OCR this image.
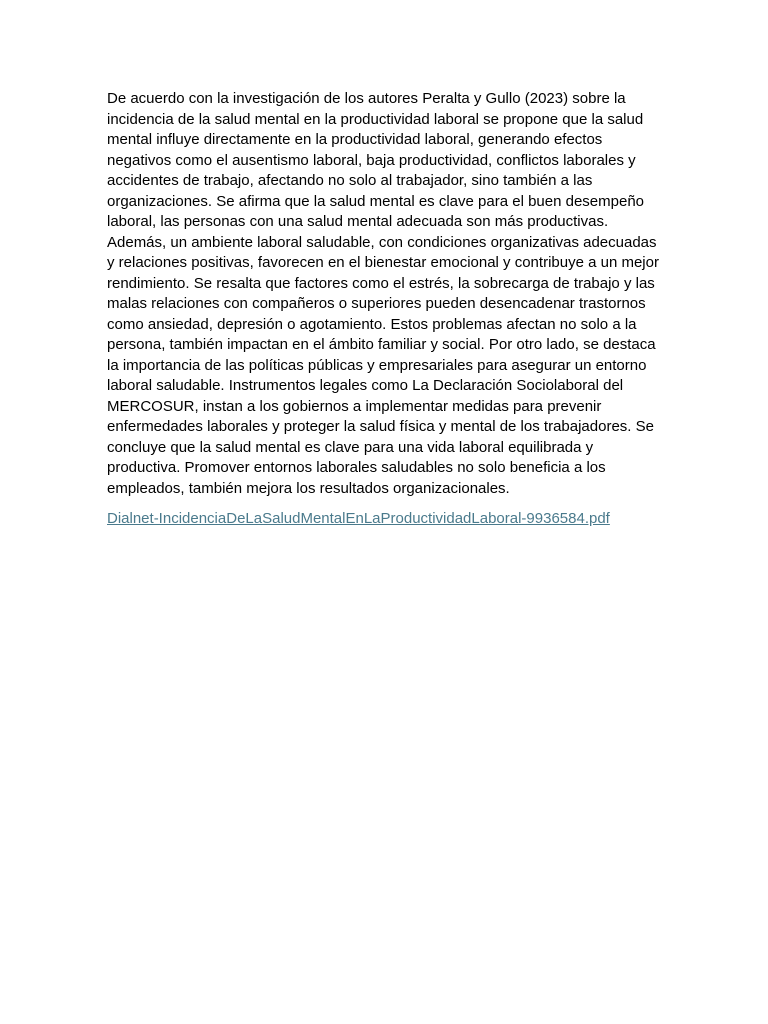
De acuerdo con la investigación de los autores Peralta y Gullo (2023) sobre la incidencia de la salud mental en la productividad laboral se propone que la salud mental influye directamente en la productividad laboral, generando efectos negativos como el ausentismo laboral, baja productividad, conflictos laborales y accidentes de trabajo, afectando no solo al trabajador, sino también a las organizaciones. Se afirma que la salud mental es clave para el buen desempeño laboral, las personas con una salud mental adecuada son más productivas. Además, un ambiente laboral saludable, con condiciones organizativas adecuadas y relaciones positivas, favorecen en el bienestar emocional y contribuye a un mejor rendimiento. Se resalta que factores como el estrés, la sobrecarga de trabajo y las malas relaciones con compañeros o superiores pueden desencadenar trastornos como ansiedad, depresión o agotamiento. Estos problemas afectan no solo a la persona, también impactan en el ámbito familiar y social. Por otro lado, se destaca la importancia de las políticas públicas y empresariales para asegurar un entorno laboral saludable. Instrumentos legales como La Declaración Sociolaboral del MERCOSUR, instan a los gobiernos a implementar medidas para prevenir enfermedades laborales y proteger la salud física y mental de los trabajadores. Se concluye que la salud mental es clave para una vida laboral equilibrada y productiva. Promover entornos laborales saludables no solo beneficia a los empleados, también mejora los resultados organizacionales.

Dialnet-IncidenciaDeLaSaludMentalEnLaProductividadLaboral-9936584.pdf
